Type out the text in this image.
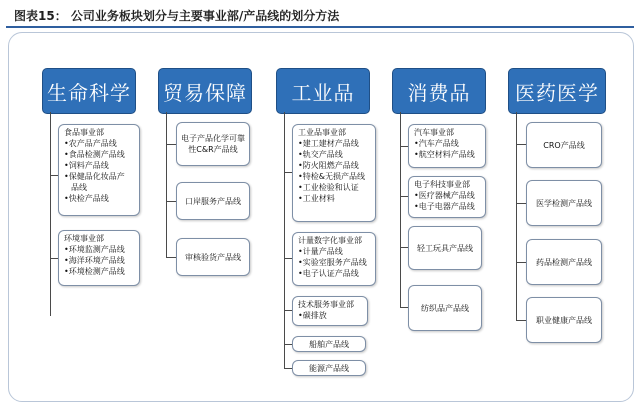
图表15： 公司业务板块划分与主要事业部/产品线的划分方法
生命科学
食品事业部
•农产品产品线
•食品检测产品线
•饲料产品线
•保健品化妆品产
品线
•快检产品线
环境事业部
•环境监测产品线
•海洋环境产品线
•环境检测产品线
贸易保障
电子产品化学可靠性C&R产品线
口岸服务产品线
审核验货产品线
工业品
工业品事业部
•建工建材产品线
•轨交产品线
•防火阻燃产品线
•特检&无损产品线
•工业检验和认证
•工业材料
计量数字化事业部
•计量产品线
•实验室服务产品线
•电子认证产品线
技术服务事业部
•碳排放
船舶产品线
能源产品线
消费品
汽车事业部
•汽车产品线
•航空材料产品线
电子科技事业部
•医疗器械产品线
•电子电器产品线
轻工玩具产品线
纺织品产品线
医药医学
CRO产品线
医学检测产品线
药品检测产品线
职业健康产品线
